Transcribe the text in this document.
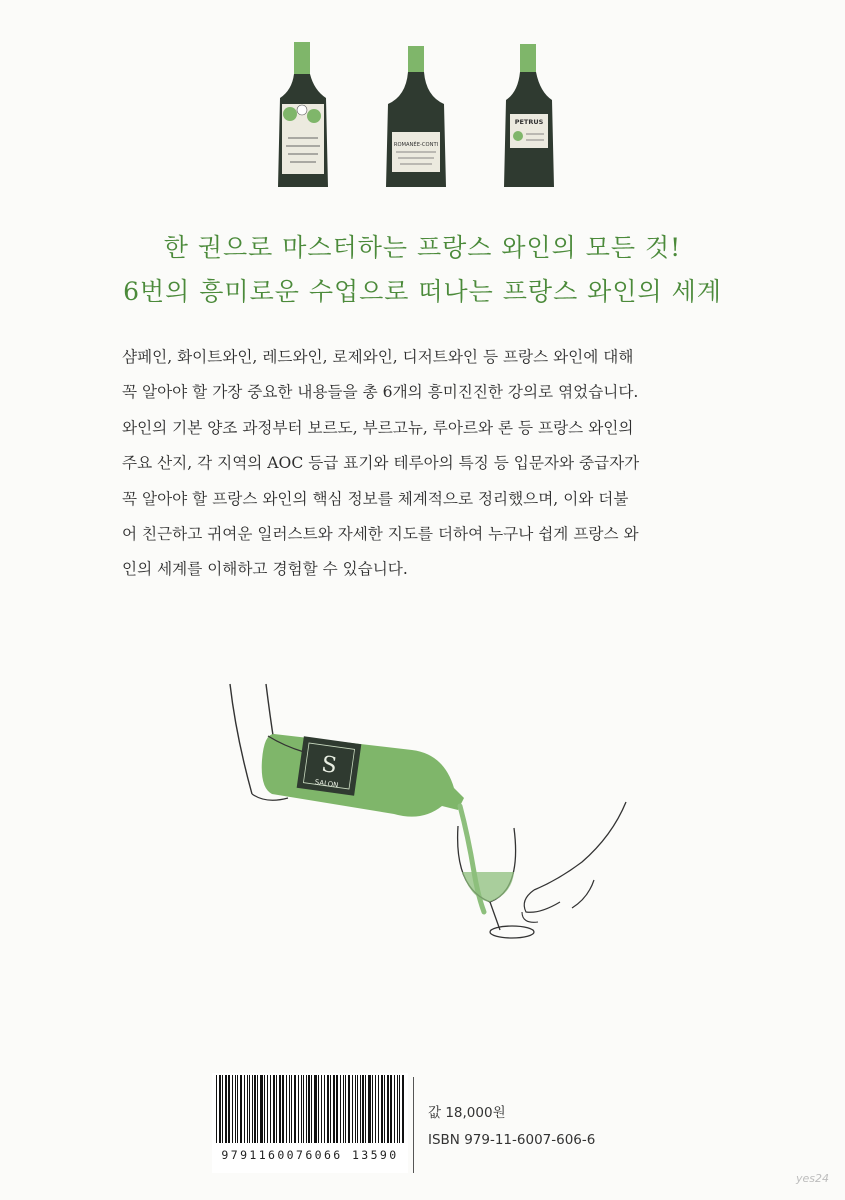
ROMANÉE-CONTI
PETRUS
한 권으로 마스터하는 프랑스 와인의 모든 것!
6번의 흥미로운 수업으로 떠나는 프랑스 와인의 세계
샴페인, 화이트와인, 레드와인, 로제와인, 디저트와인 등 프랑스 와인에 대해
꼭 알아야 할 가장 중요한 내용들을 총 6개의 흥미진진한 강의로 엮었습니다.
와인의 기본 양조 과정부터 보르도, 부르고뉴, 루아르와 론 등 프랑스 와인의
주요 산지, 각 지역의 AOC 등급 표기와 테루아의 특징 등 입문자와 중급자가
꼭 알아야 할 프랑스 와인의 핵심 정보를 체계적으로 정리했으며, 이와 더불
어 친근하고 귀여운 일러스트와 자세한 지도를 더하여 누구나 쉽게 프랑스 와
인의 세계를 이해하고 경험할 수 있습니다.
S
SALON
9791160076066 13590
값 18,000원
ISBN 979-11-6007-606-6
yes24
